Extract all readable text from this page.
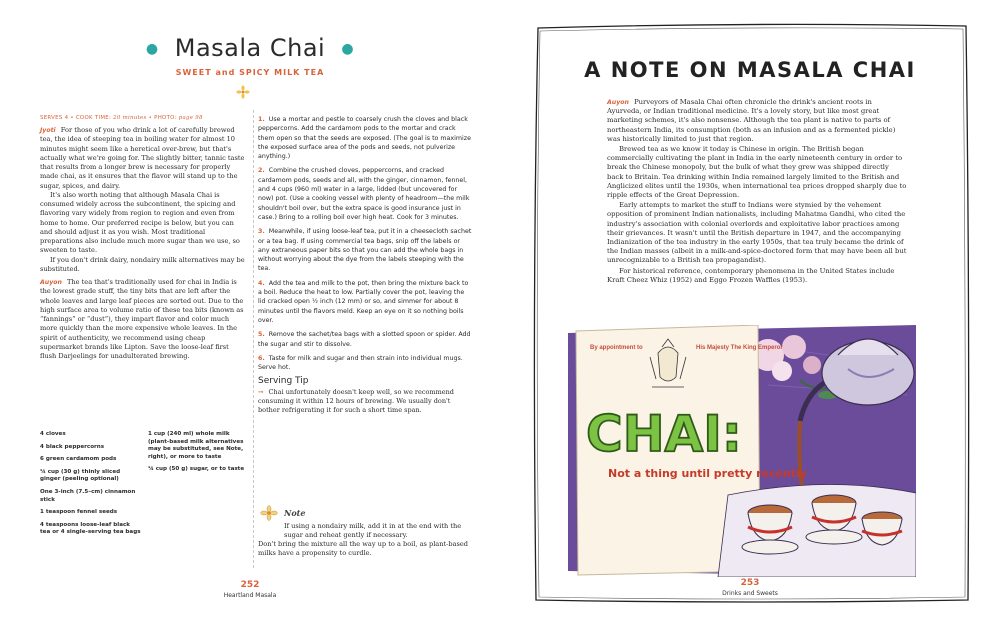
● Masala Chai ●
SWEET and SPICY MILK TEA
SERVES 4 • COOK TIME: 20 minutes • PHOTO: page 98

Jyoti For those of you who drink a lot of carefully brewed tea, the idea of steeping tea in boiling water for almost 10 minutes might seem like a heretical over-brew, but that's actually what we're going for. The slightly bitter, tannic taste that results from a longer brew is necessary for properly made chai, as it ensures that the flavor will stand up to the sugar, spices, and dairy.

It's also worth noting that although Masala Chai is consumed widely across the subcontinent, the spicing and flavoring vary widely from region to region and even from home to home. Our preferred recipe is below, but you can and should adjust it as you wish. Most traditional preparations also include much more sugar than we use, so sweeten to taste.

If you don't drink dairy, nondairy milk alternatives may be substituted.

Auyon The tea that's traditionally used for chai in India is the lowest grade stuff, the tiny bits that are left after the whole leaves and large leaf pieces are sorted out. Due to the high surface area to volume ratio of these tea bits (known as “fannings” or “dust”), they impart flavor and color much more quickly than the more expensive whole leaves. In the spirit of authenticity, we recommend using cheap supermarket brands like Lipton. Save the loose-leaf first flush Darjeelings for unadulterated brewing.

4 cloves
4 black peppercorns
6 green cardamom pods
¼ cup (30 g) thinly sliced ginger (peeling optional)
One 3-inch (7.5–cm) cinnamon stick
1 teaspoon fennel seeds
4 teaspoons loose-leaf black tea or 4 single-serving tea bags
1 cup (240 ml) whole milk (plant-based milk alternatives may be substituted, see Note, right), or more to taste
¼ cup (50 g) sugar, or to taste
1. Use a mortar and pestle to coarsely crush the cloves and black peppercorns. Add the cardamom pods to the mortar and crack them open so that the seeds are exposed. (The goal is to maximize the exposed surface area of the pods and seeds, not pulverize anything.)
2. Combine the crushed cloves, peppercorns, and cracked cardamom pods, seeds and all, with the ginger, cinnamon, fennel, and 4 cups (960 ml) water in a large, lidded (but uncovered for now) pot. (Use a cooking vessel with plenty of headroom—the milk shouldn't boil over, but the extra space is good insurance just in case.) Bring to a rolling boil over high heat. Cook for 3 minutes.
3. Meanwhile, if using loose-leaf tea, put it in a cheesecloth sachet or a tea bag. If using commercial tea bags, snip off the labels or any extraneous paper bits so that you can add the whole bags in without worrying about the dye from the labels steeping with the tea.
4. Add the tea and milk to the pot, then bring the mixture back to a boil. Reduce the heat to low. Partially cover the pot, leaving the lid cracked open ½ inch (12 mm) or so, and simmer for about 8 minutes until the flavors meld. Keep an eye on it so nothing boils over.
5. Remove the sachet/tea bags with a slotted spoon or spider. Add the sugar and stir to dissolve.
6. Taste for milk and sugar and then strain into individual mugs. Serve hot.
Serving Tip
→ Chai unfortunately doesn't keep well, so we recommend consuming it within 12 hours of brewing. We usually don't bother refrigerating it for such a short time span.
Note
If using a nondairy milk, add it in at the end with the sugar and reheat gently if necessary.
Don't bring the mixture all the way up to a boil, as plant-based milks have a propensity to curdle.
252
Heartland Masala
A NOTE ON MASALA CHAI

Auyon Purveyors of Masala Chai often chronicle the drink's ancient roots in Ayurveda, or Indian traditional medicine. It's a lovely story, but like most great marketing schemes, it's also nonsense. Although the tea plant is native to parts of northeastern India, its consumption (both as an infusion and as a fermented pickle) was historically limited to just that region.

Brewed tea as we know it today is Chinese in origin. The British began commercially cultivating the plant in India in the early nineteenth century in order to break the Chinese monopoly, but the bulk of what they grew was shipped directly back to Britain. Tea drinking within India remained largely limited to the British and Anglicized elites until the 1930s, when international tea prices dropped sharply due to ripple effects of the Great Depression.

Early attempts to market the stuff to Indians were stymied by the vehement opposition of prominent Indian nationalists, including Mahatma Gandhi, who cited the industry's association with colonial overlords and exploitative labor practices among their grievances. It wasn't until the British departure in 1947, and the accompanying Indianization of the tea industry in the early 1950s, that tea truly became the drink of the Indian masses (albeit in a milk-and-spice-doctored form that may have been all but unrecognizable to a British tea propagandist).

For historical reference, contemporary phenomena in the United States include Kraft Cheez Whiz (1952) and Eggo Frozen Waffles (1953).

By appointment to	His Majesty The King Emperor
CHAI:
Not a thing until pretty recently
253
Drinks and Sweets
